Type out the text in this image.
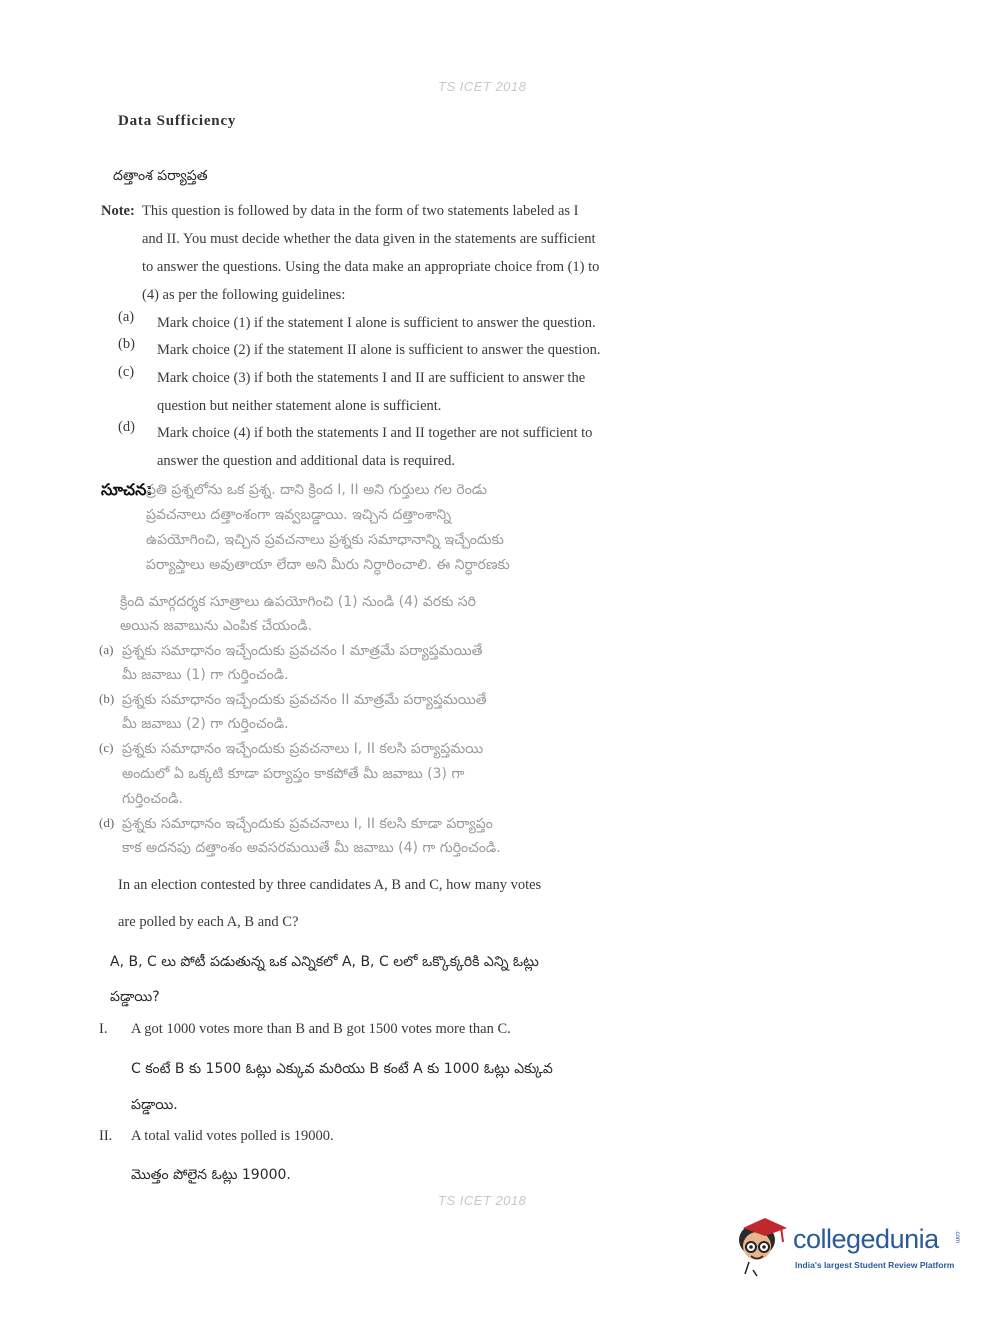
TS ICET 2018
Data Sufficiency
దత్తాంశ పర్యాప్తత
Note: This question is followed by data in the form of two statements labeled as I
and II. You must decide whether the data given in the statements are sufficient
to answer the questions. Using the data make an appropriate choice from (1) to
(4) as per the following guidelines:
(a) Mark choice (1) if the statement I alone is sufficient to answer the question.
(b) Mark choice (2) if the statement II alone is sufficient to answer the question.
(c) Mark choice (3) if both the statements I and II are sufficient to answer the
question but neither statement alone is sufficient.
(d) Mark choice (4) if both the statements I and II together are not sufficient to
answer the question and additional data is required.
సూచన:
ప్రతి ప్రశ్నలోను ఒక ప్రశ్న. దాని క్రింద I, II అని గుర్తులు గల రెండు
ప్రవచనాలు దత్తాంశంగా ఇవ్వబడ్డాయి. ఇచ్చిన దత్తాంశాన్ని
ఉపయోగించి, ఇచ్చిన ప్రవచనాలు ప్రశ్నకు సమాధానాన్ని ఇచ్చేందుకు
పర్యాప్తాలు అవుతాయా లేదా అని మీరు నిర్ధారించాలి. ఈ నిర్ధారణకు
క్రింది మార్గదర్శక సూత్రాలు ఉపయోగించి (1) నుండి (4) వరకు సరి
అయిన జవాబును ఎంపిక చేయండి.
(a) ప్రశ్నకు సమాధానం ఇచ్చేందుకు ప్రవచనం I మాత్రమే పర్యాప్తమయితే
మీ జవాబు (1) గా గుర్తించండి.
(b) ప్రశ్నకు సమాధానం ఇచ్చేందుకు ప్రవచనం II మాత్రమే పర్యాప్తమయితే
మీ జవాబు (2) గా గుర్తించండి.
(c) ప్రశ్నకు సమాధానం ఇచ్చేందుకు ప్రవచనాలు I, II కలసి పర్యాప్తమయి
అందులో ఏ ఒక్కటి కూడా పర్యాప్తం కాకపోతే మీ జవాబు (3) గా
గుర్తించండి.
(d) ప్రశ్నకు సమాధానం ఇచ్చేందుకు ప్రవచనాలు I, II కలసి కూడా పర్యాప్తం
కాక అదనపు దత్తాంశం అవసరమయితే మీ జవాబు (4) గా గుర్తించండి.
In an election contested by three candidates A, B and C, how many votes
are polled by each A, B and C?
A, B, C లు పోటీ పడుతున్న ఒక ఎన్నికలో A, B, C లలో ఒక్కొక్కరికి ఎన్ని ఓట్లు
పడ్డాయి?
I. A got 1000 votes more than B and B got 1500 votes more than C.
C కంటే B కు 1500 ఓట్లు ఎక్కువ మరియు B కంటే A కు 1000 ఓట్లు ఎక్కువ
పడ్డాయి.
II. A total valid votes polled is 19000.
మొత్తం పోలైన ఓట్లు 19000.
TS ICET 2018
collegedunia	.com
India's largest Student Review Platform
